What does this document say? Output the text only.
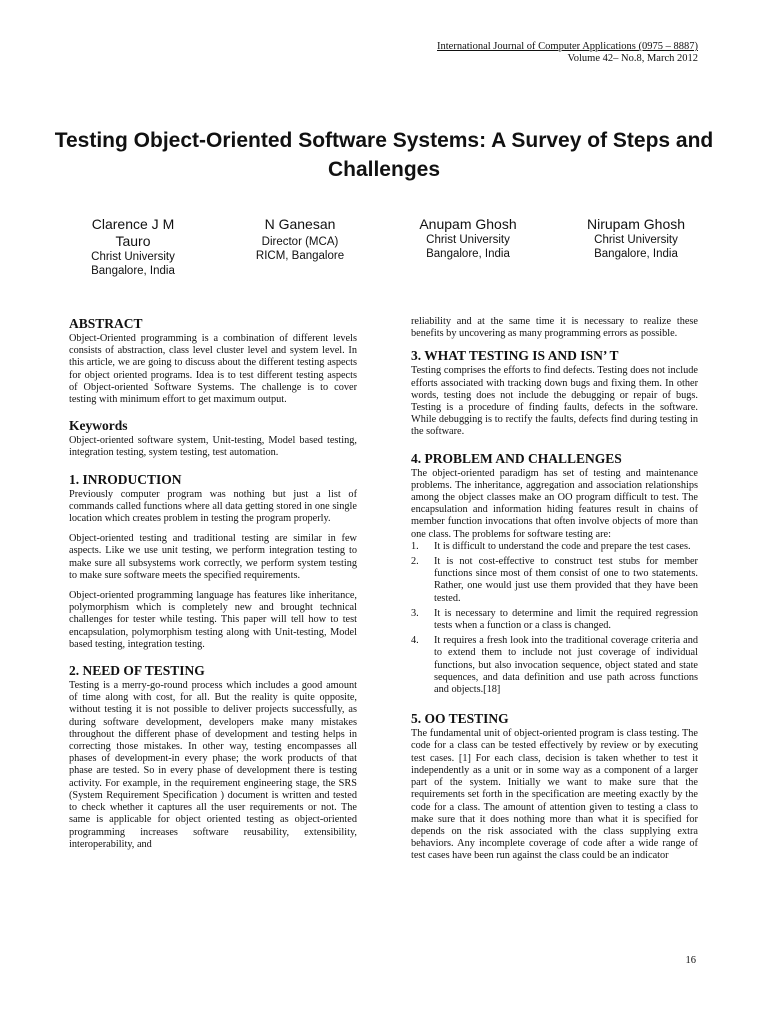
International Journal of Computer Applications (0975 – 8887)
Volume 42– No.8, March 2012
Testing Object-Oriented Software Systems: A Survey of Steps and Challenges
Clarence J M Tauro
Christ University
Bangalore, India
N Ganesan
Director (MCA)
RICM, Bangalore
Anupam Ghosh
Christ University
Bangalore, India
Nirupam Ghosh
Christ University
Bangalore, India
ABSTRACT

Object-Oriented programming is a combination of different levels consists of abstraction, class level cluster level and system level. In this article, we are going to discuss about the different testing aspects for object oriented programs. Idea is to test different testing aspects of Object-oriented Software Systems. The challenge is to cover testing with minimum effort to get maximum output.

Keywords

Object-oriented software system, Unit-testing, Model based testing, integration testing, system testing, test automation.

1. INRODUCTION

Previously computer program was nothing but just a list of commands called functions where all data getting stored in one single location which creates problem in testing the program properly.

Object-oriented testing and traditional testing are similar in few aspects. Like we use unit testing, we perform integration testing to make sure all subsystems work correctly, we perform system testing to make sure software meets the specified requirements.

Object-oriented programming language has features like inheritance, polymorphism which is completely new and brought technical challenges for tester while testing. This paper will tell how to test encapsulation, polymorphism testing along with Unit-testing, Model based testing, integration testing.

2. NEED OF TESTING

Testing is a merry-go-round process which includes a good amount of time along with cost, for all. But the reality is quite opposite, without testing it is not possible to deliver projects successfully, as during software development, developers make many mistakes throughout the different phase of development and testing helps in correcting those mistakes. In other way, testing encompasses all phases of development-in every phase; the work products of that phase are tested. So in every phase of development there is testing activity. For example, in the requirement engineering stage, the SRS (System Requirement Specification ) document is written and tested to check whether it captures all the user requirements or not. The same is applicable for object oriented testing as object-oriented programming increases software reusability, extensibility, interoperability, and

reliability and at the same time it is necessary to realize these benefits by uncovering as many programming errors as possible.

3. WHAT TESTING IS AND ISN’ T

Testing comprises the efforts to find defects. Testing does not include efforts associated with tracking down bugs and fixing them. In other words, testing does not include the debugging or repair of bugs. Testing is a procedure of finding faults, defects in the software. While debugging is to rectify the faults, defects find during testing in the software.

4. PROBLEM AND CHALLENGES

The object-oriented paradigm has set of testing and maintenance problems. The inheritance, aggregation and association relationships among the object classes make an OO program difficult to test. The encapsulation and information hiding features result in chains of member function invocations that often involve objects of more than one class. The problems for software testing are:

1. It is difficult to understand the code and prepare the test cases.
2. It is not cost-effective to construct test stubs for member functions since most of them consist of one to two statements. Rather, one would just use them provided that they have been tested.
3. It is necessary to determine and limit the required regression tests when a function or a class is changed.
4. It requires a fresh look into the traditional coverage criteria and to extend them to include not just coverage of individual functions, but also invocation sequence, object stated and state sequences, and data definition and use path across functions and objects.[18]
5. OO TESTING

The fundamental unit of object-oriented program is class testing. The code for a class can be tested effectively by review or by executing test cases. [1] For each class, decision is taken whether to test it independently as a unit or in some way as a component of a larger part of the system. Initially we want to make sure that the requirements set forth in the specification are meeting exactly by the code for a class. The amount of attention given to testing a class to make sure that it does nothing more than what it is specified for depends on the risk associated with the class supplying extra behaviors. Any incomplete coverage of code after a wide range of test cases have been run against the class could be an indicator

16
